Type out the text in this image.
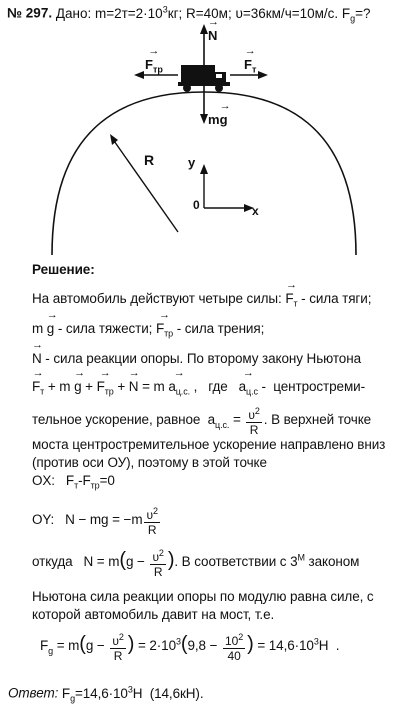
№ 297. Дано: $m=2т=2\cdot 10^3кг$; R=40м; υ=36км/ч=10м/с. $F_g=$?
→ N
→ $F_{тр}$
→	$F_т$
m→ g
R	y
0	x
Решение:
На автомобиль действуют четыре силы: → $F_т$ - сила тяги;
m → g - сила тяжести; → $F_{тр}$ - сила трения;
→ N - сила реакции опоры. По второму закону Ньютона
→ $F_т + m \to g$ + → $F_{тр}$ + → $N = m \to a_{ц.с.}$ ,   где   → $a_{ц.с}$ -  центростреми-
тельное ускорение, равное  $a_{ц.с.} = \frac{\upsilon^2}{R}$ . В верхней точке
моста центростремительное ускорение направлено вниз
(против оси ОУ), поэтому в этой точке
OX:   $F_т-F_{тр}=0$
OY:   N − mg = $-m \frac{\upsilon^2}{R}$
откуда   $N = m(g - \frac{\upsilon^2}{R}$ ). В соответствии с $3^М$ законом
Ньютона сила реакции опоры по модулю равна силе, с
которой автомобиль давит на мост, т.е.
$F_g = m(g - \frac{\upsilon^2}{R}$ ) = $2\cdot 10^3(9,8 - \frac{10^2}{40}$ ) = $14,6\cdot 10^3Н$  .
Ответ: $F_g=14,6\cdot 10^3Н$  (14,6кН).
